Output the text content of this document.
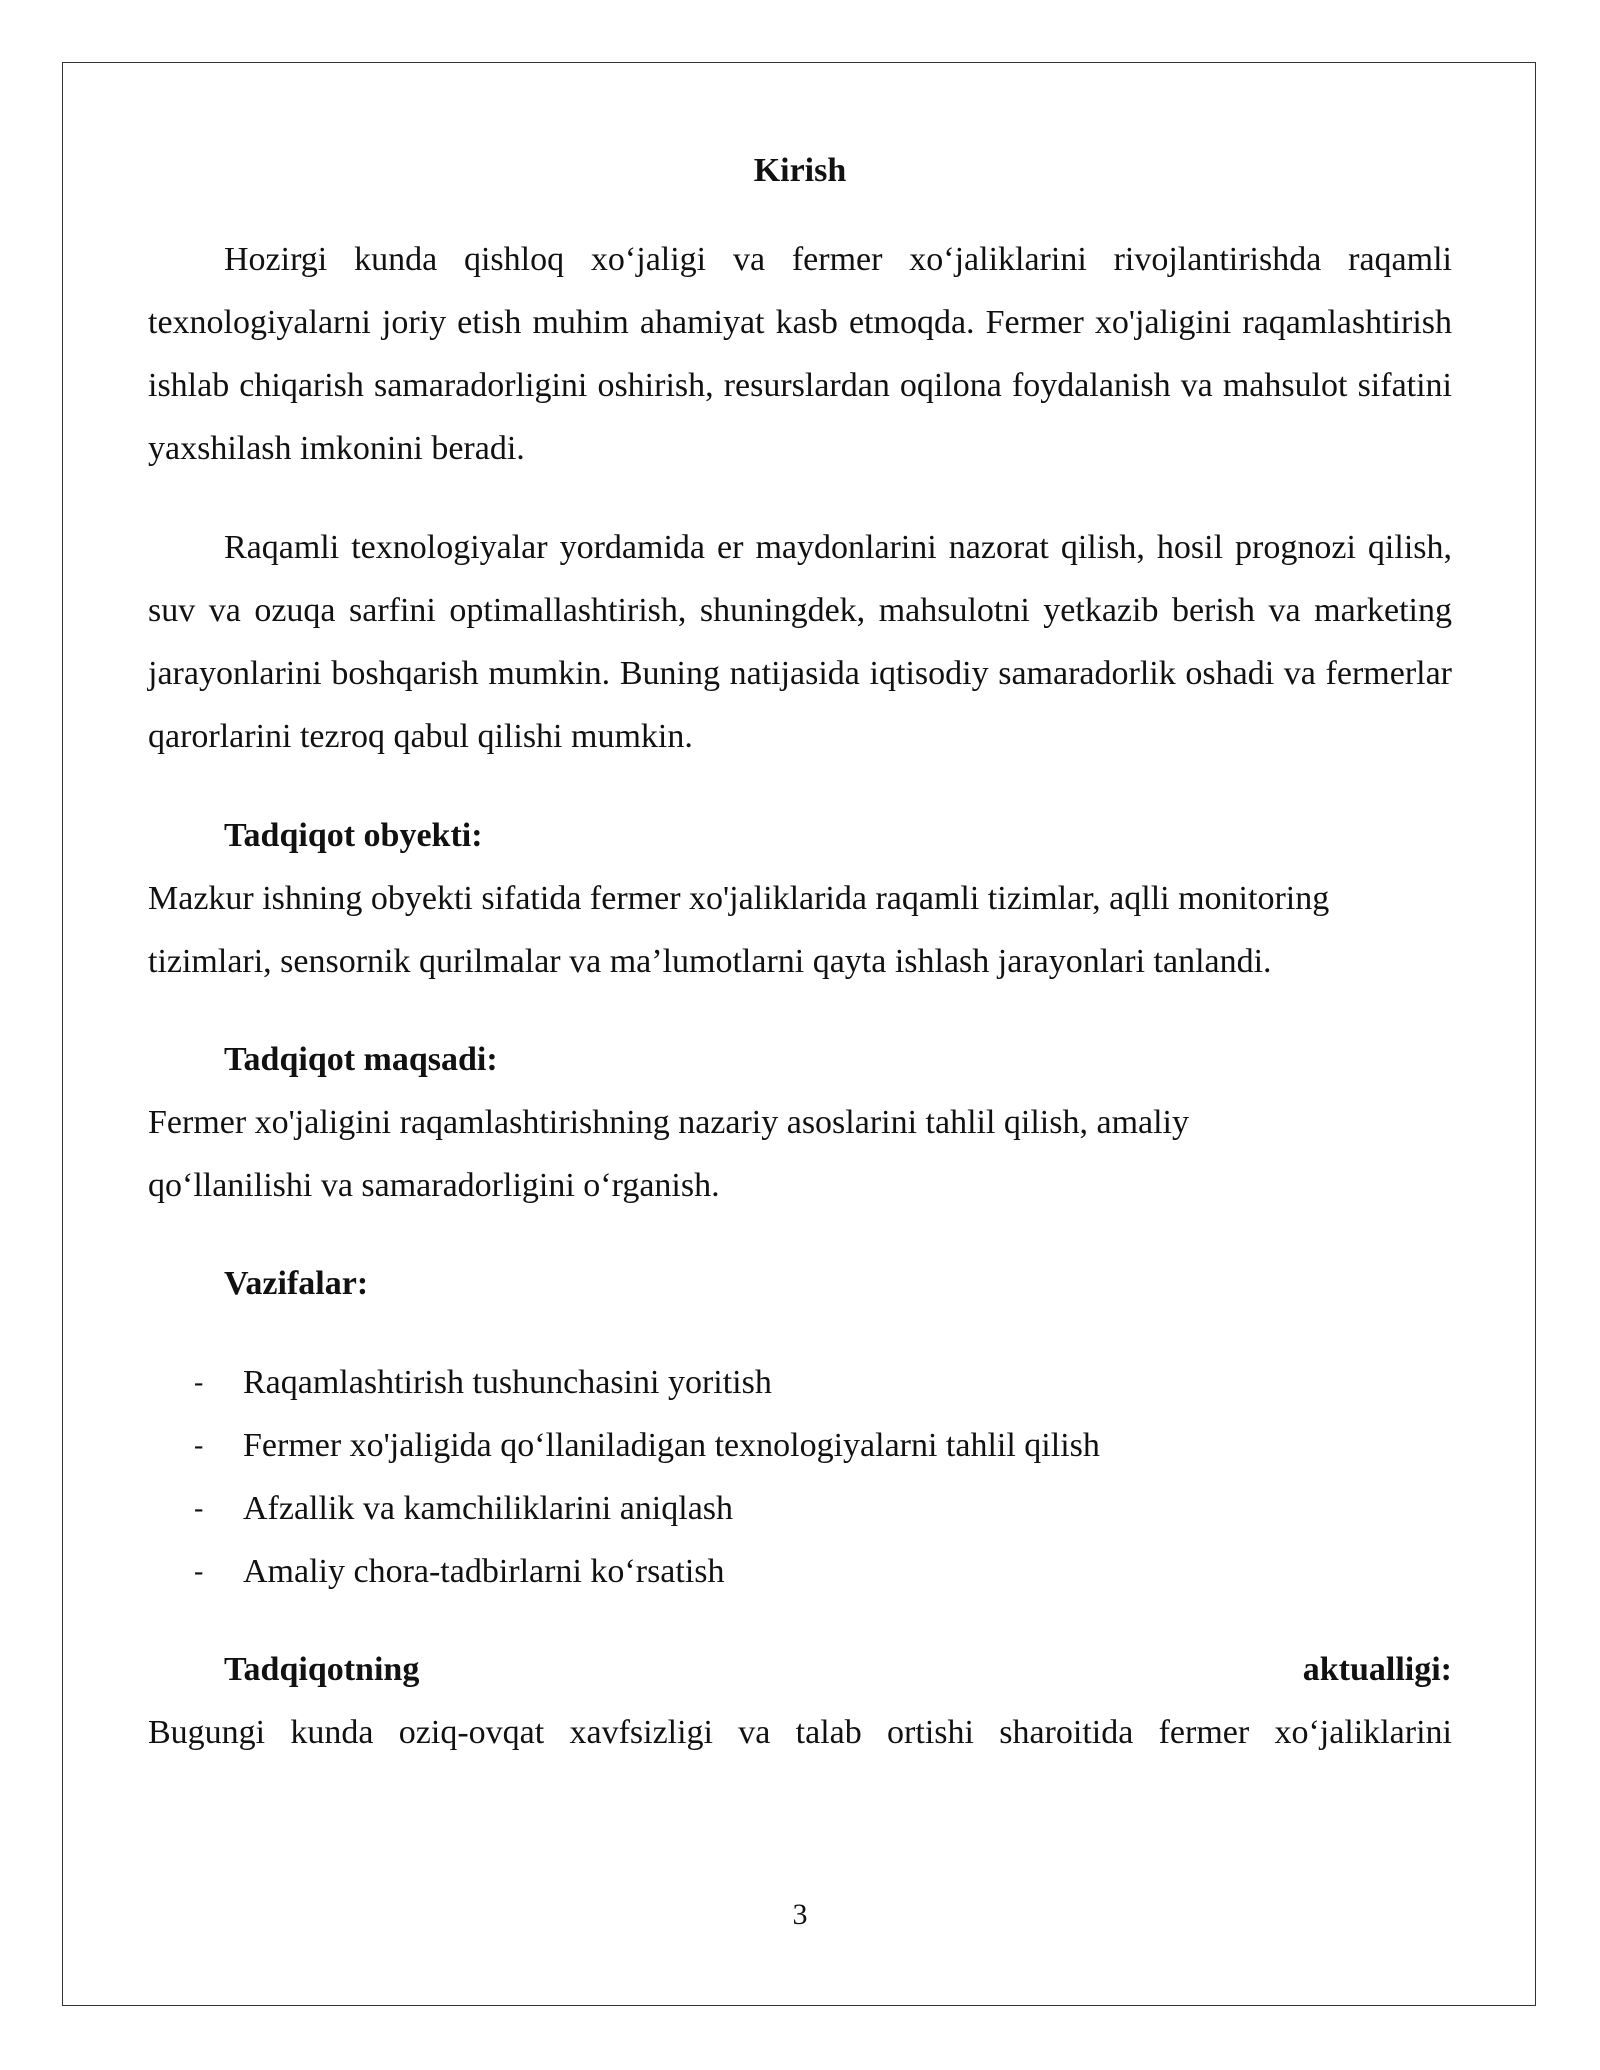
Kirish

Hozirgi kunda qishloq xo‘jaligi va fermer xo‘jaliklarini rivojlantirishda raqamli texnologiyalarni joriy etish muhim ahamiyat kasb etmoqda. Fermer xo'jaligini raqamlashtirish ishlab chiqarish samaradorligini oshirish, resurslardan oqilona foydalanish va mahsulot sifatini yaxshilash imkonini beradi.

Raqamli texnologiyalar yordamida er maydonlarini nazorat qilish, hosil prognozi qilish, suv va ozuqa sarfini optimallashtirish, shuningdek, mahsulotni yetkazib berish va marketing jarayonlarini boshqarish mumkin. Buning natijasida iqtisodiy samaradorlik oshadi va fermerlar qarorlarini tezroq qabul qilishi mumkin.

Tadqiqot obyekti:

Mazkur ishning obyekti sifatida fermer xo'jaliklarida raqamli tizimlar, aqlli monitoring tizimlari, sensornik qurilmalar va ma’lumotlarni qayta ishlash jarayonlari tanlandi.

Tadqiqot maqsadi:

Fermer xo'jaligini raqamlashtirishning nazariy asoslarini tahlil qilish, amaliy

qo‘llanilishi va samaradorligini o‘rganish.

Vazifalar:
- Raqamlashtirish tushunchasini yoritish
- Fermer xo'jaligida qo‘llaniladigan texnologiyalarni tahlil qilish
- Afzallik va kamchiliklarini aniqlash
- Amaliy chora-tadbirlarni ko‘rsatish
Tadqiqotning	aktualligi:

Bugungi kunda oziq-ovqat xavfsizligi va talab ortishi sharoitida fermer xo‘jaliklarini

3
